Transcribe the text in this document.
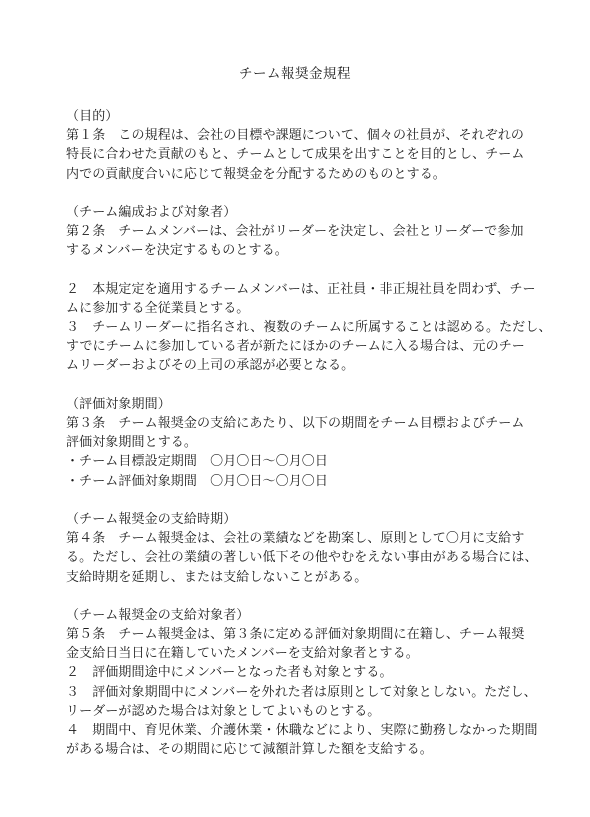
チーム報奨金規程
（目的）
第１条　この規程は、会社の目標や課題について、個々の社員が、それぞれの
特長に合わせた貢献のもと、チームとして成果を出すことを目的とし、チーム
内での貢献度合いに応じて報奨金を分配するためのものとする。
（チーム編成および対象者）
第２条　チームメンバーは、会社がリーダーを決定し、会社とリーダーで参加
するメンバーを決定するものとする。
２　本規定定を適用するチームメンバーは、正社員・非正規社員を問わず、チー
ムに参加する全従業員とする。
３　チームリーダーに指名され、複数のチームに所属することは認める。ただし、
すでにチームに参加している者が新たにほかのチームに入る場合は、元のチー
ムリーダーおよびその上司の承認が必要となる。
（評価対象期間）
第３条　チーム報奨金の支給にあたり、以下の期間をチーム目標およびチーム
評価対象期間とする。
・チーム目標設定期間　〇月〇日～〇月〇日
・チーム評価対象期間　〇月〇日～〇月〇日
（チーム報奨金の支給時期）
第４条　チーム報奨金は、会社の業績などを勘案し、原則として〇月に支給す
る。ただし、会社の業績の著しい低下その他やむをえない事由がある場合には、
支給時期を延期し、または支給しないことがある。
（チーム報奨金の支給対象者）
第５条　チーム報奨金は、第３条に定める評価対象期間に在籍し、チーム報奨
金支給日当日に在籍していたメンバーを支給対象者とする。
２　評価期間途中にメンバーとなった者も対象とする。
３　評価対象期間中にメンバーを外れた者は原則として対象としない。ただし、
リーダーが認めた場合は対象としてよいものとする。
４　期間中、育児休業、介護休業・休職などにより、実際に勤務しなかった期間
がある場合は、その期間に応じて減額計算した額を支給する。
